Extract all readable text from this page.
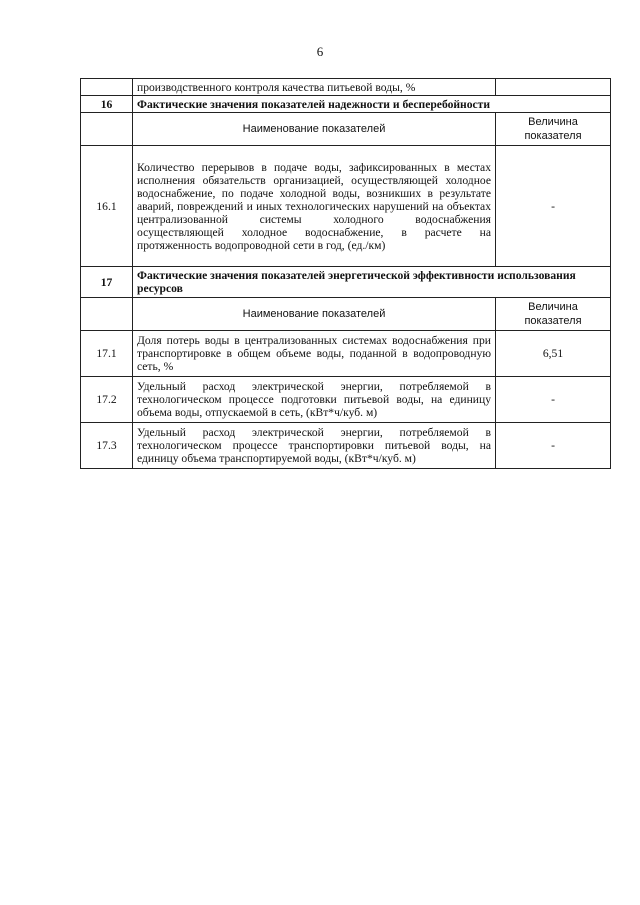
6
	производственного контроля качества питьевой воды, %	
16	Фактические значения показателей надежности и бесперебойности	
	Наименование показателей	Величина показателя
16.1	Количество перерывов в подаче воды, зафиксированных в местах исполнения обязательств организацией, осуществляющей холодное водоснабжение, по подаче холодной воды, возникших в результате аварий, повреждений и иных технологических нарушений на объектах централизованной системы холодного водоснабжения осуществляющей холодное водоснабжение, в расчете на протяженность водопроводной сети в год, (ед./км)	-
17	Фактические значения показателей энергетической эффективности использования ресурсов	
	Наименование показателей	Величина показателя
17.1	Доля потерь воды в централизованных системах водоснабжения при транспортировке в общем объеме воды, поданной в водопроводную сеть, %	6,51
17.2	Удельный расход электрической энергии, потребляемой в технологическом процессе подготовки питьевой воды, на единицу объема воды, отпускаемой в сеть, (кВт*ч/куб. м)	-
17.3	Удельный расход электрической энергии, потребляемой в технологическом процессе транспортировки питьевой воды, на единицу объема транспортируемой воды, (кВт*ч/куб. м)	-
